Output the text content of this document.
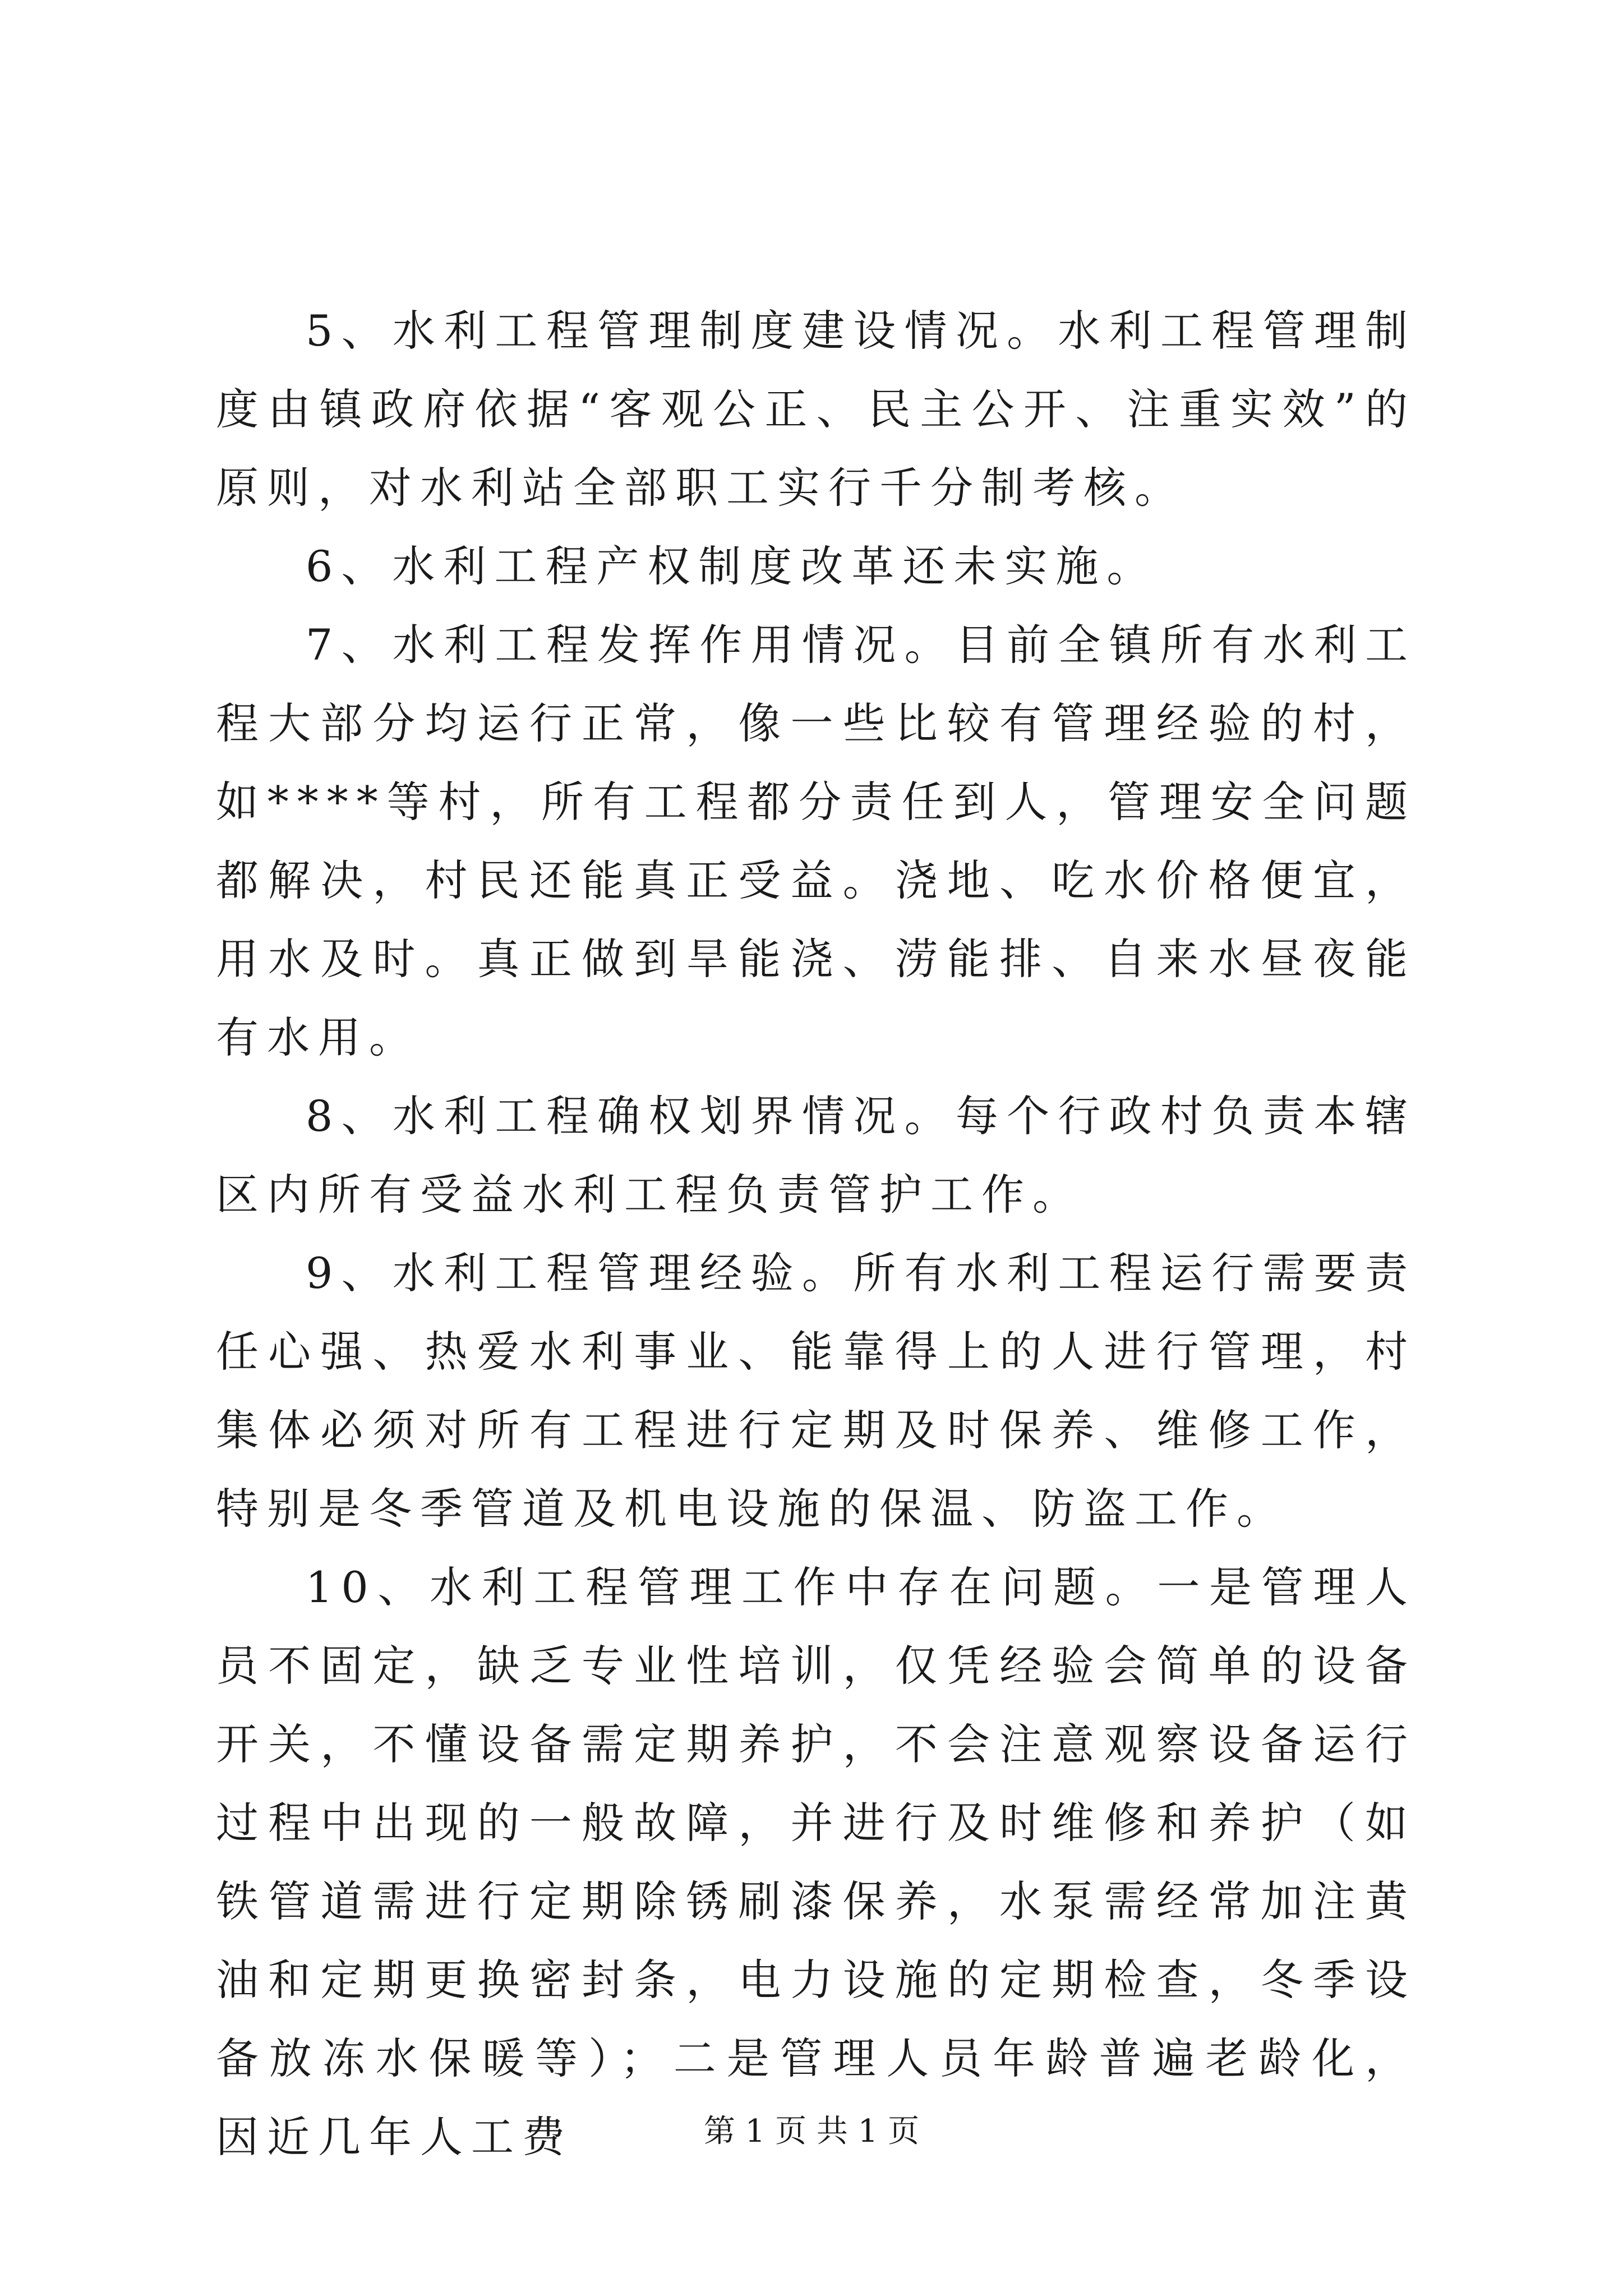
5、水利工程管理制度建设情况。水利工程管理制度由镇政府依据“客观公正、民主公开、注重实效”的原则，对水利站全部职工实行千分制考核。

6、水利工程产权制度改革还未实施。

7、水利工程发挥作用情况。目前全镇所有水利工程大部分均运行正常，像一些比较有管理经验的村，如****等村，所有工程都分责任到人，管理安全问题都解决，村民还能真正受益。浇地、吃水价格便宜，用水及时。真正做到旱能浇、涝能排、自来水昼夜能有水用。

8、水利工程确权划界情况。每个行政村负责本辖区内所有受益水利工程负责管护工作。

9、水利工程管理经验。所有水利工程运行需要责任心强、热爱水利事业、能靠得上的人进行管理，村集体必须对所有工程进行定期及时保养、维修工作，特别是冬季管道及机电设施的保温、防盗工作。

10、水利工程管理工作中存在问题。一是管理人员不固定，缺乏专业性培训，仅凭经验会简单的设备开关，不懂设备需定期养护，不会注意观察设备运行过程中出现的一般故障，并进行及时维修和养护（如铁管道需进行定期除锈刷漆保养，水泵需经常加注黄油和定期更换密封条，电力设施的定期检查，冬季设备放冻水保暖等）；二是管理人员年龄普遍老龄化，因近几年人工费	第 1 页 共 1 页
